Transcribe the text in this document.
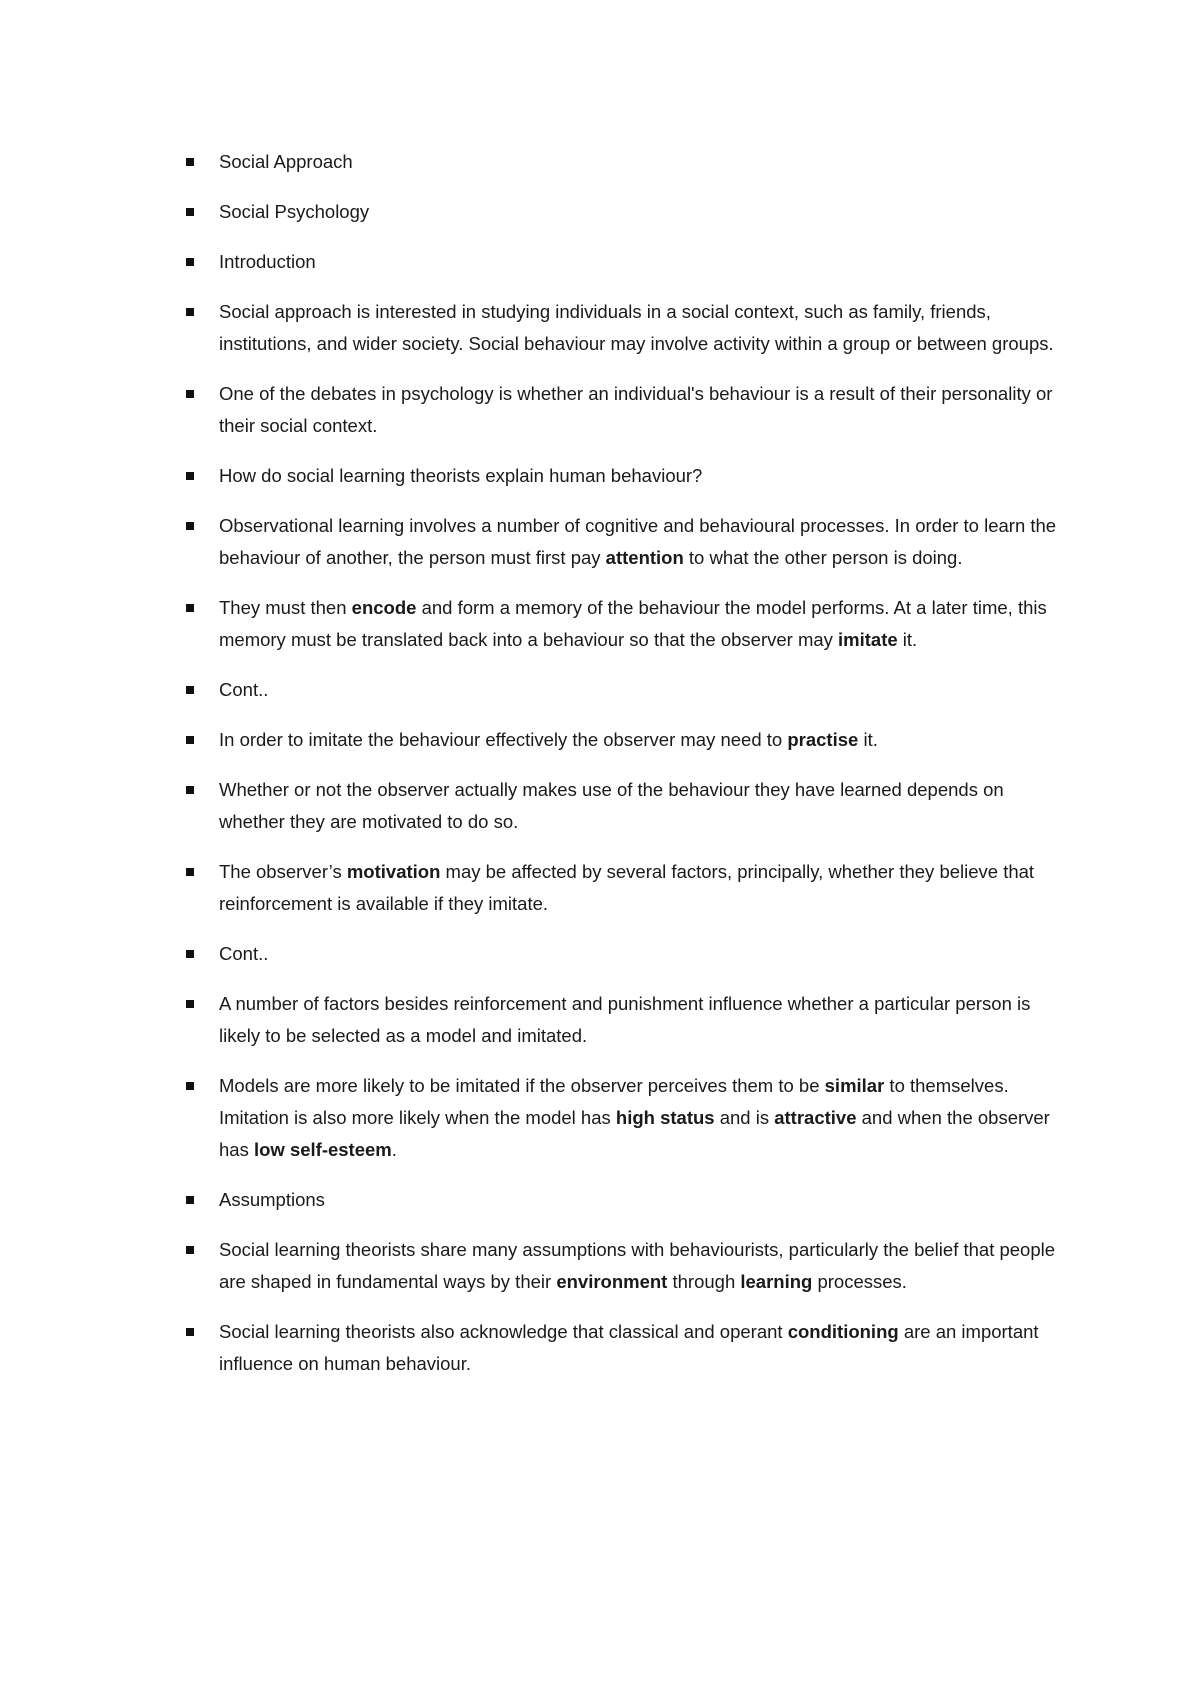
Social Approach
Social Psychology
Introduction
Social approach is interested in studying individuals in a social context, such as family, friends, institutions, and wider society. Social behaviour may involve activity within a group or between groups.
One of the debates in psychology is whether an individual's behaviour is a result of their personality or their social context.
How do social learning theorists explain human behaviour?
Observational learning involves a number of cognitive and behavioural processes. In order to learn the behaviour of another, the person must first pay attention to what the other person is doing.
They must then encode and form a memory of the behaviour the model performs. At a later time, this memory must be translated back into a behaviour so that the observer may imitate it.
Cont..
In order to imitate the behaviour effectively the observer may need to practise it.
Whether or not the observer actually makes use of the behaviour they have learned depends on whether they are motivated to do so.
The observer’s motivation may be affected by several factors, principally, whether they believe that reinforcement is available if they imitate.
Cont..
A number of factors besides reinforcement and punishment influence whether a particular person is likely to be selected as a model and imitated.
Models are more likely to be imitated if the observer perceives them to be similar to themselves. Imitation is also more likely when the model has high status and is attractive and when the observer has low self-esteem.
Assumptions
Social learning theorists share many assumptions with behaviourists, particularly the belief that people are shaped in fundamental ways by their environment through learning processes.
Social learning theorists also acknowledge that classical and operant conditioning are an important influence on human behaviour.
